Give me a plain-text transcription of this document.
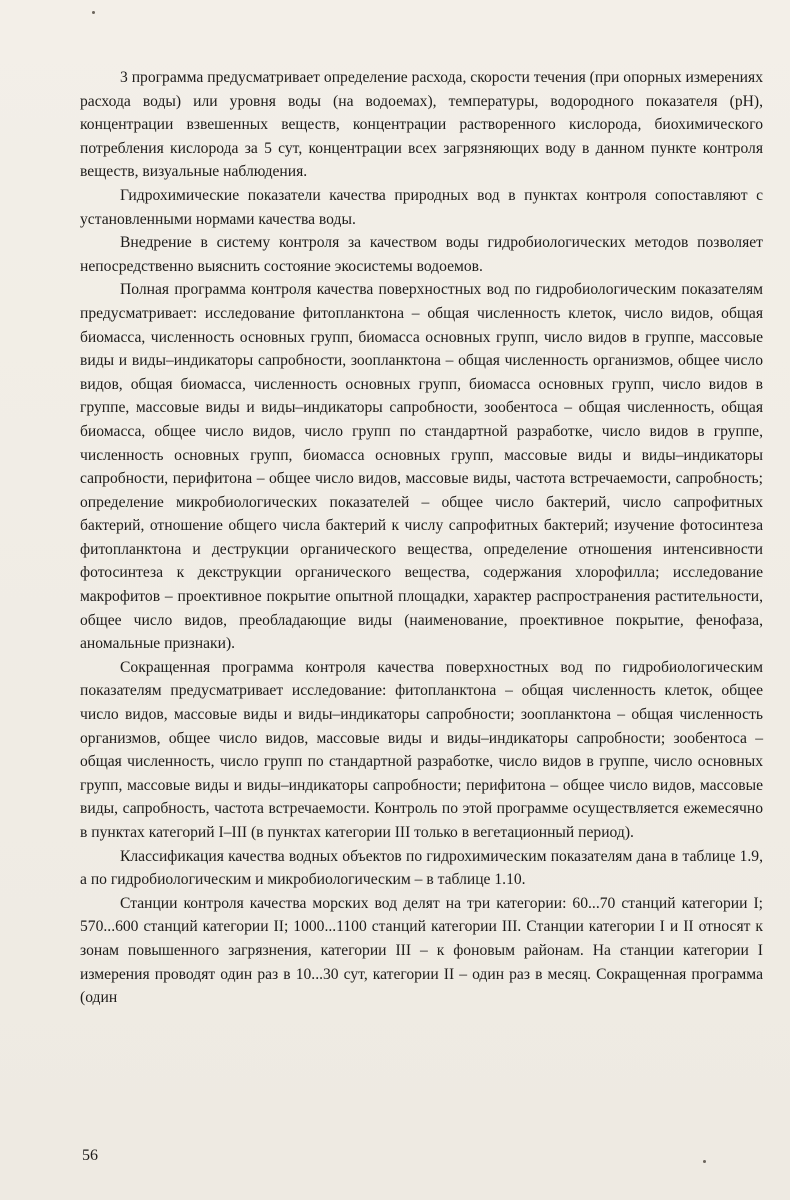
3 программа предусматривает определение расхода, скорости течения (при опорных измерениях расхода воды) или уровня воды (на водоемах), температуры, водородного показателя (рН), концентрации взвешенных веществ, концентрации растворенного кислорода, биохимического потребления кислорода за 5 сут, концентрации всех загрязняющих воду в данном пункте контроля веществ, визуальные наблюдения.

Гидрохимические показатели качества природных вод в пунктах контроля сопоставляют с установленными нормами качества воды.

Внедрение в систему контроля за качеством воды гидробиологических методов позволяет непосредственно выяснить состояние экосистемы водоемов.

Полная программа контроля качества поверхностных вод по гидробиологическим показателям предусматривает: исследование фитопланктона – общая численность клеток, число видов, общая биомасса, численность основных групп, биомасса основных групп, число видов в группе, массовые виды и виды–индикаторы сапробности, зоопланктона – общая численность организмов, общее число видов, общая биомасса, численность основных групп, биомасса основных групп, число видов в группе, массовые виды и виды–индикаторы сапробности, зообентоса – общая численность, общая биомасса, общее число видов, число групп по стандартной разработке, число видов в группе, численность основных групп, биомасса основных групп, массовые виды и виды–индикаторы сапробности, перифитона – общее число видов, массовые виды, частота встречаемости, сапробность; определение микробиологических показателей – общее число бактерий, число сапрофитных бактерий, отношение общего числа бактерий к числу сапрофитных бактерий; изучение фотосинтеза фитопланктона и деструкции органического вещества, определение отношения интенсивности фотосинтеза к декструкции органического вещества, содержания хлорофилла; исследование макрофитов – проективное покрытие опытной площадки, характер распространения растительности, общее число видов, преобладающие виды (наименование, проективное покрытие, фенофаза, аномальные признаки).

Сокращенная программа контроля качества поверхностных вод по гидробиологическим показателям предусматривает исследование: фитопланктона – общая численность клеток, общее число видов, массовые виды и виды–индикаторы сапробности; зоопланктона – общая численность организмов, общее число видов, массовые виды и виды–индикаторы сапробности; зообентоса – общая численность, число групп по стандартной разработке, число видов в группе, число основных групп, массовые виды и виды–индикаторы сапробности; перифитона – общее число видов, массовые виды, сапробность, частота встречаемости. Контроль по этой программе осуществляется ежемесячно в пунктах категорий I–III (в пунктах категории III только в вегетационный период).

Классификация качества водных объектов по гидрохимическим показателям дана в таблице 1.9, а по гидробиологическим и микробиологическим – в таблице 1.10.

Станции контроля качества морских вод делят на три категории: 60...70 станций категории I; 570...600 станций категории II; 1000...1100 станций категории III. Станции категории I и II относят к зонам повышенного загрязнения, категории III – к фоновым районам. На станции категории I измерения проводят один раз в 10...30 сут, категории II – один раз в месяц. Сокращенная программа (один

56
